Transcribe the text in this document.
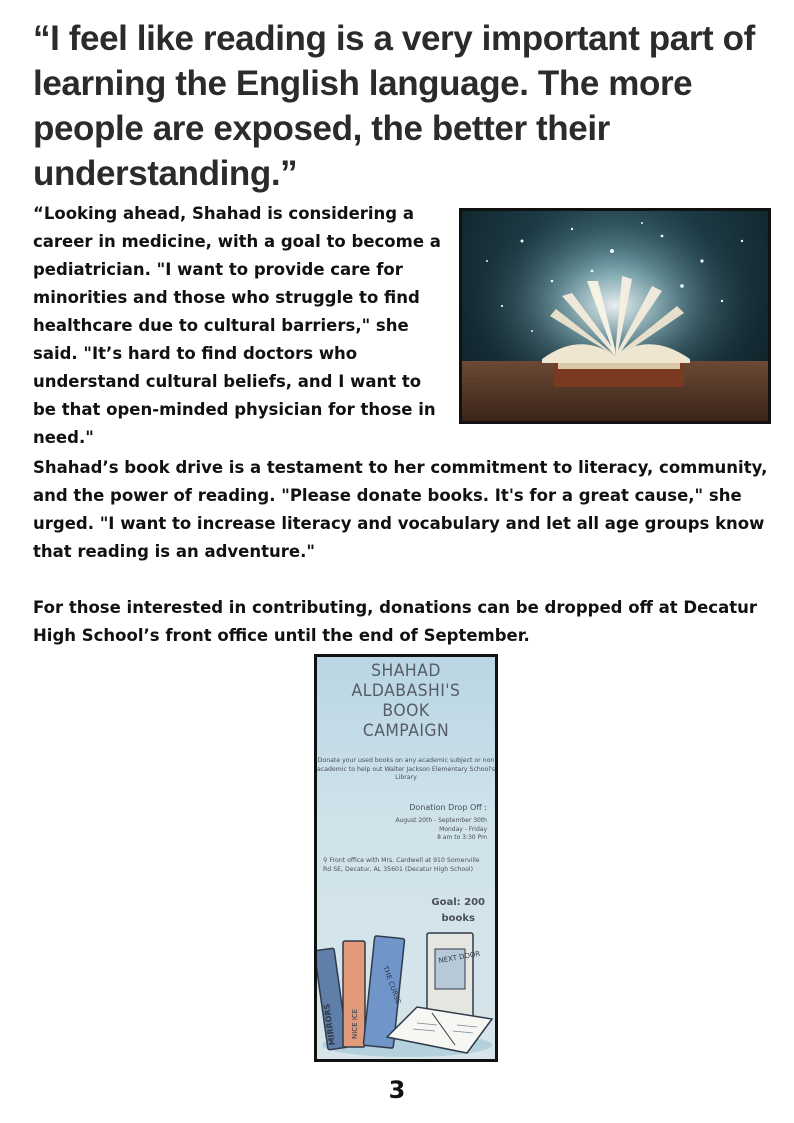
“I feel like reading is a very important part of learning the English language. The more people are exposed, the better their understanding.”

“Looking ahead, Shahad is considering a career in medicine, with a goal to become a pediatrician. "I want to provide care for minorities and those who struggle to find healthcare due to cultural barriers," she said. "It’s hard to find doctors who understand cultural beliefs, and I want to be that open-minded physician for those in need."

Shahad’s book drive is a testament to her commitment to literacy, community, and the power of reading. "Please donate books. It's for a great cause," she urged. "I want to increase literacy and vocabulary and let all age groups know that reading is an adventure."

For those interested in contributing, donations can be dropped off at Decatur High School’s front office until the end of September.

SHAHAD
ALDABASHI'S
BOOK
CAMPAIGN
Donate your used books on any academic subject or non academic to help out Walter Jackson Elementary School's Library
Donation Drop Off :
August 20th - September 30th
Monday - Friday
8 am to 3:30 Pm
⚲ Front office with Mrs. Cardwell at 910 Somerville Rd SE, Decatur, AL 35601 (Decatur High School)
Goal: 200
books
MIRRORS NICE ICE
THE CURSE
NEXT DOOR
3
